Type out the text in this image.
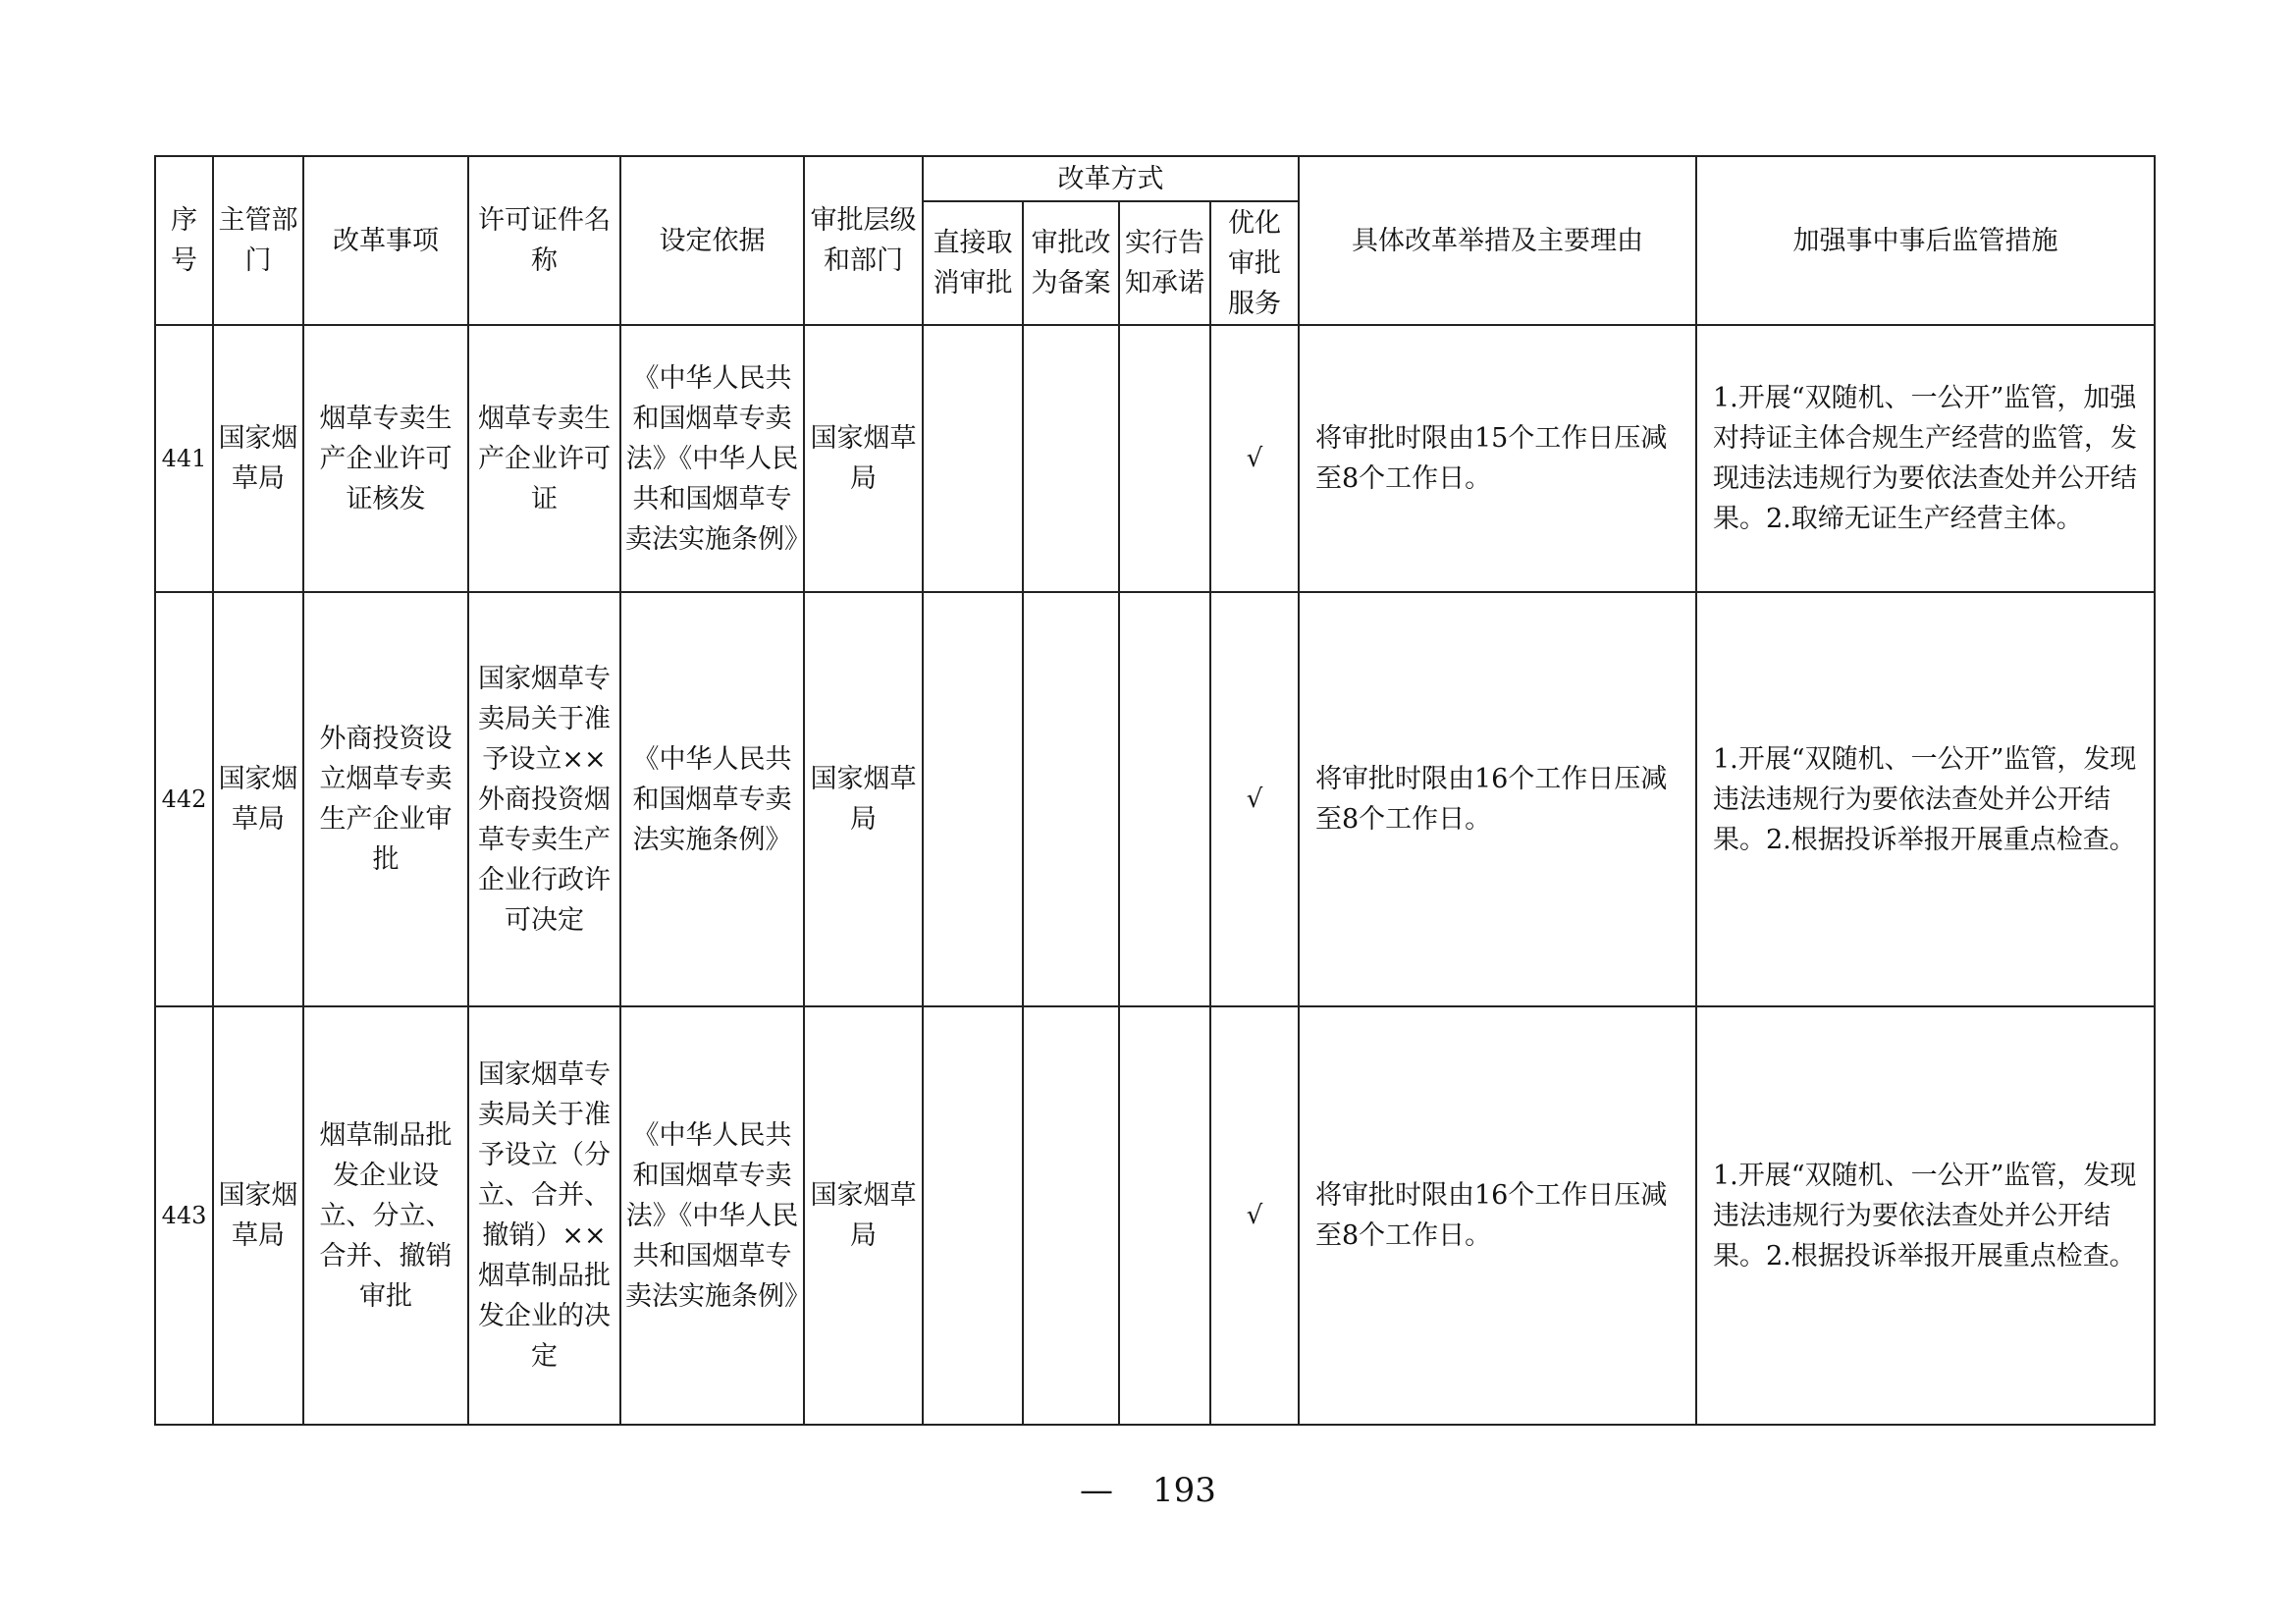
序号	主管部门	改革事项	许可证件名称	设定依据	审批层级和部门	改革方式				具体改革举措及主要理由	加强事中事后监管措施
						直接取消审批	审批改为备案	实行告知承诺	优化审批服务		
441	国家烟草局	烟草专卖生产企业许可证核发	烟草专卖生产企业许可证	《中华人民共和国烟草专卖法》《中华人民共和国烟草专卖法实施条例》	国家烟草局				√	将审批时限由15个工作日压减至8个工作日。	1.开展“双随机、一公开”监管，加强对持证主体合规生产经营的监管，发现违法违规行为要依法查处并公开结果。2.取缔无证生产经营主体。
442	国家烟草局	外商投资设立烟草专卖生产企业审批	国家烟草专卖局关于准予设立××外商投资烟草专卖生产企业行政许可决定	《中华人民共和国烟草专卖法实施条例》	国家烟草局				√	将审批时限由16个工作日压减至8个工作日。	1.开展“双随机、一公开”监管，发现违法违规行为要依法查处并公开结果。2.根据投诉举报开展重点检查。
443	国家烟草局	烟草制品批发企业设立、分立、合并、撤销审批	国家烟草专卖局关于准予设立（分立、合并、撤销）××烟草制品批发企业的决定	《中华人民共和国烟草专卖法》《中华人民共和国烟草专卖法实施条例》	国家烟草局				√	将审批时限由16个工作日压减至8个工作日。	1.开展“双随机、一公开”监管，发现违法违规行为要依法查处并公开结果。2.根据投诉举报开展重点检查。
— 193
